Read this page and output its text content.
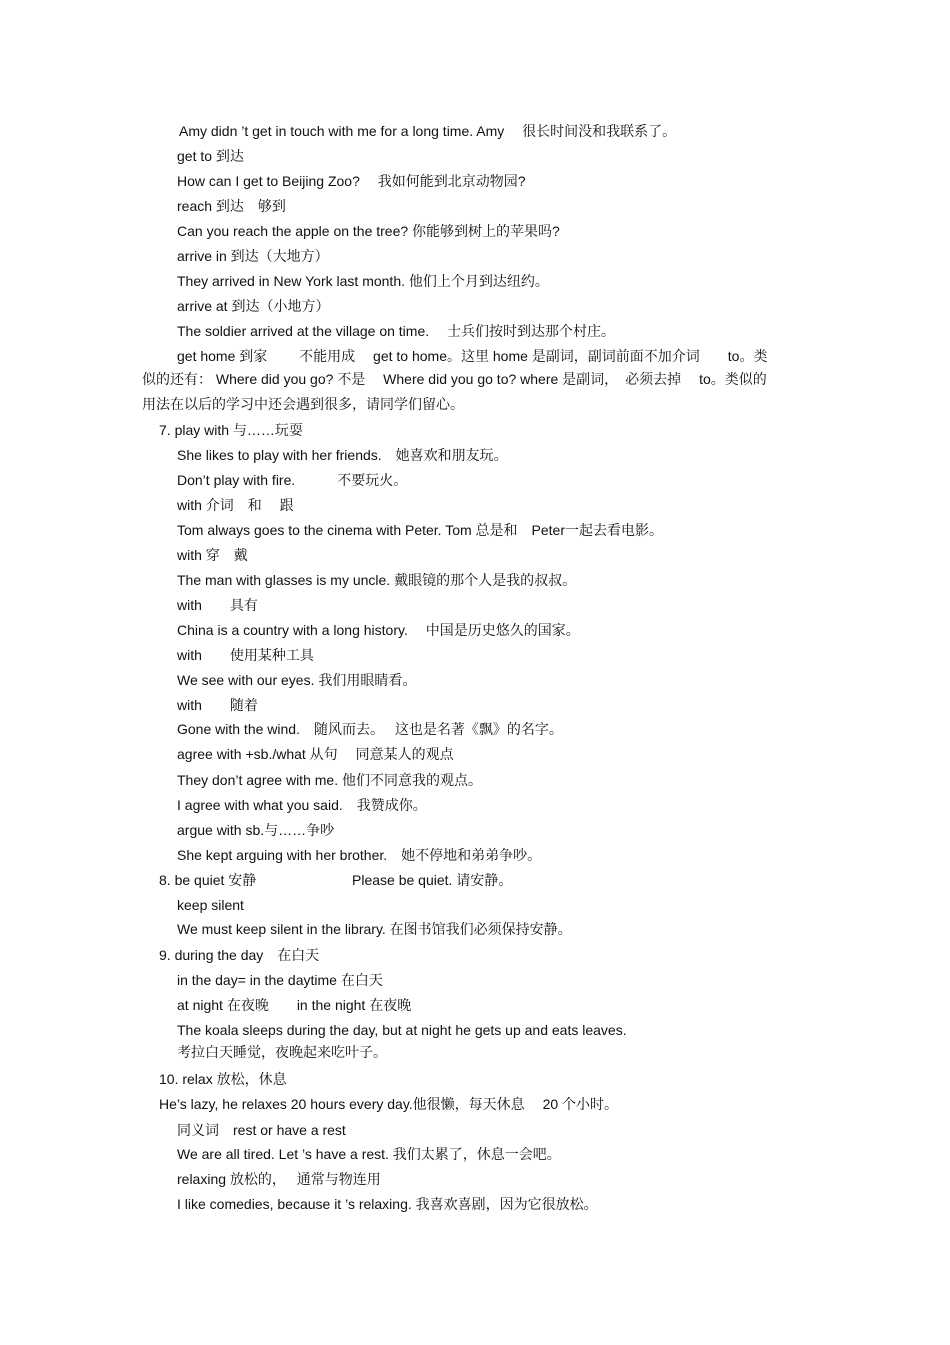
Amy didn ’t get in touch with me for a long time. Amy　 很长时间没和我联系了。
get to 到达
How can I get to Beijing Zoo?　 我如何能到北京动物园?
reach 到达　够到
Can you reach the apple on the tree? 你能够到树上的苹果吗?
arrive in 到达（大地方）
They arrived in New York last month. 他们上个月到达纽约。
arrive at 到达（小地方）
The soldier arrived at the village on time.　 士兵们按时到达那个村庄。
get home 到家　　 不能用成　 get to home。这里 home 是副词，副词前面不加介词　　to。类
似的还有： Where did you go? 不是　 Where did you go to? where 是副词，　必须去掉　 to。类似的
用法在以后的学习中还会遇到很多，请同学们留心。
7. play with 与……玩耍
She likes to play with her friends.　她喜欢和朋友玩。
Don’t play with fire.　　　不要玩火。
with 介词　和　 跟
Tom always goes to the cinema with Peter. Tom 总是和　Peter一起去看电影。
with 穿　戴
The man with glasses is my uncle. 戴眼镜的那个人是我的叔叔。
with　　具有
China is a country with a long history.　 中国是历史悠久的国家。
with　　使用某种工具
We see with our eyes. 我们用眼睛看。
with　　随着
Gone with the wind.　随风而去。　 这也是名著《飘》的名字。
agree with +sb./what 从句　 同意某人的观点
They don’t agree with me. 他们不同意我的观点。
I agree with what you said.　我赞成你。
argue with sb.与……争吵
She kept arguing with her brother.　她不停地和弟弟争吵。
8. be quiet 安静	Please be quiet. 请安静。
keep silent
We must keep silent in the library. 在图书馆我们必须保持安静。
9. during the day　在白天
in the day= in the daytime 在白天
at night 在夜晚　　in the night 在夜晚
The koala sleeps during the day, but at night he gets up and eats leaves.
考拉白天睡觉，夜晚起来吃叶子。
10. relax 放松，休息
He’s lazy, he relaxes 20 hours every day.他很懒，每天休息　 20 个小时。
同义词　rest or have a rest
We are all tired. Let ’s have a rest. 我们太累了，休息一会吧。
relaxing 放松的，　 通常与物连用
I like comedies, because it ’s relaxing. 我喜欢喜剧，因为它很放松。
